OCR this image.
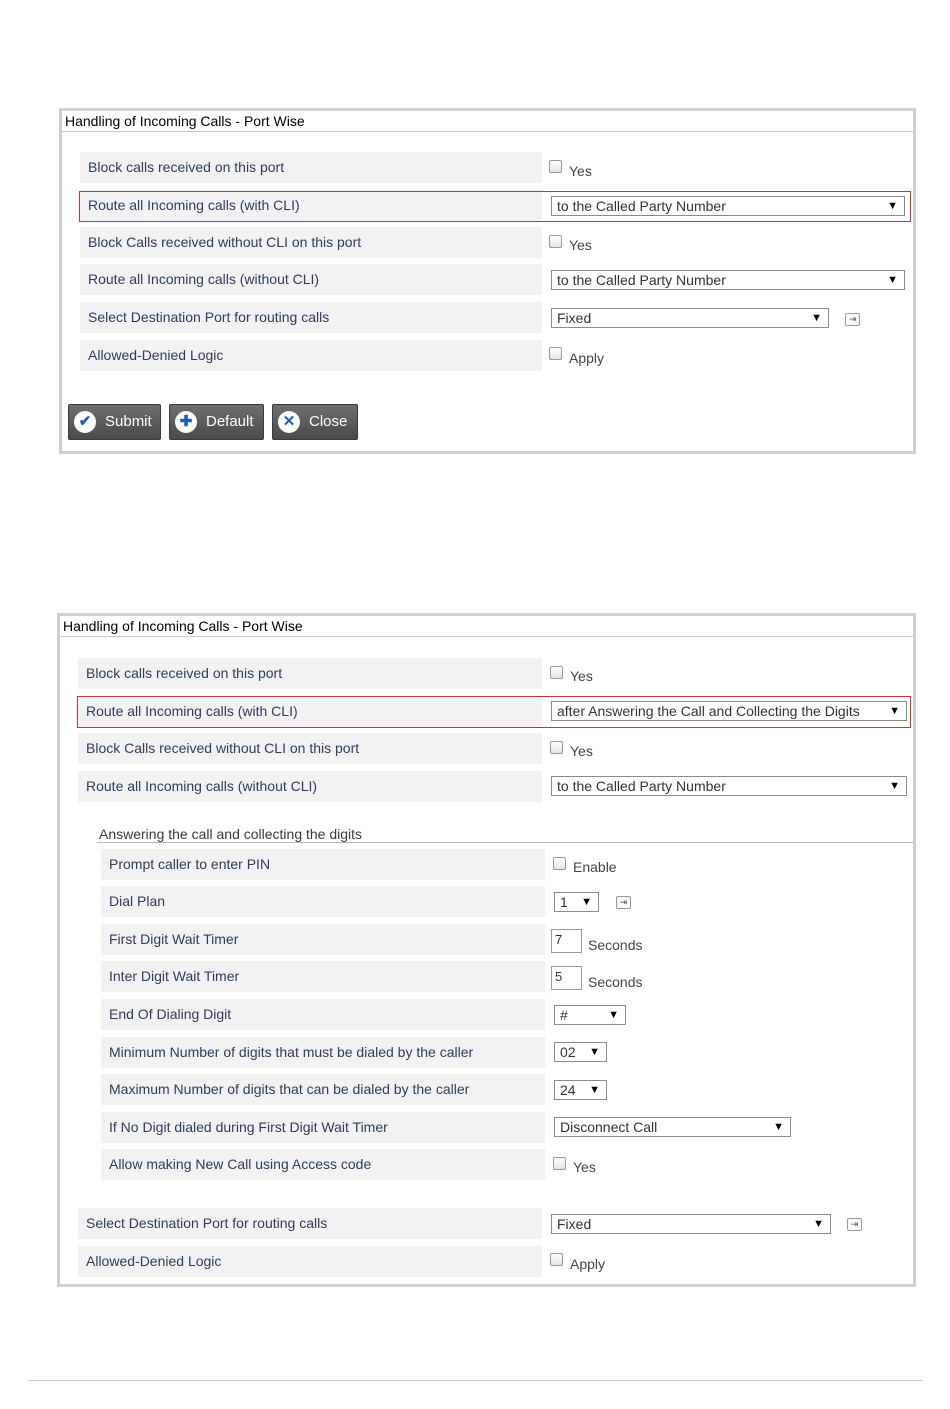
Handling of Incoming Calls - Port Wise
Block calls received on this port	Yes
Route all Incoming calls (with CLI)	to the Called Party Number	▼
Block Calls received without CLI on this port	Yes
Route all Incoming calls (without CLI)	to the Called Party Number	▼
Select Destination Port for routing calls	Fixed	▼	⇥
Allowed-Denied Logic	Apply
✔ Submit	✚ Default	✕ Close
Handling of Incoming Calls - Port Wise
Block calls received on this port	Yes
Route all Incoming calls (with CLI)	after Answering the Call and Collecting the Digits	▼
Block Calls received without CLI on this port	Yes
Route all Incoming calls (without CLI)	to the Called Party Number	▼
Answering the call and collecting the digits
Prompt caller to enter PIN	Enable
Dial Plan	1 ▼	⇥
First Digit Wait Timer	7	Seconds
Inter Digit Wait Timer	5	Seconds
End Of Dialing Digit	#	▼
Minimum Number of digits that must be dialed by the caller	02 ▼
Maximum Number of digits that can be dialed by the caller	24 ▼
If No Digit dialed during First Digit Wait Timer	Disconnect Call	▼
Allow making New Call using Access code	Yes
Select Destination Port for routing calls	Fixed	▼	⇥
Allowed-Denied Logic	Apply
